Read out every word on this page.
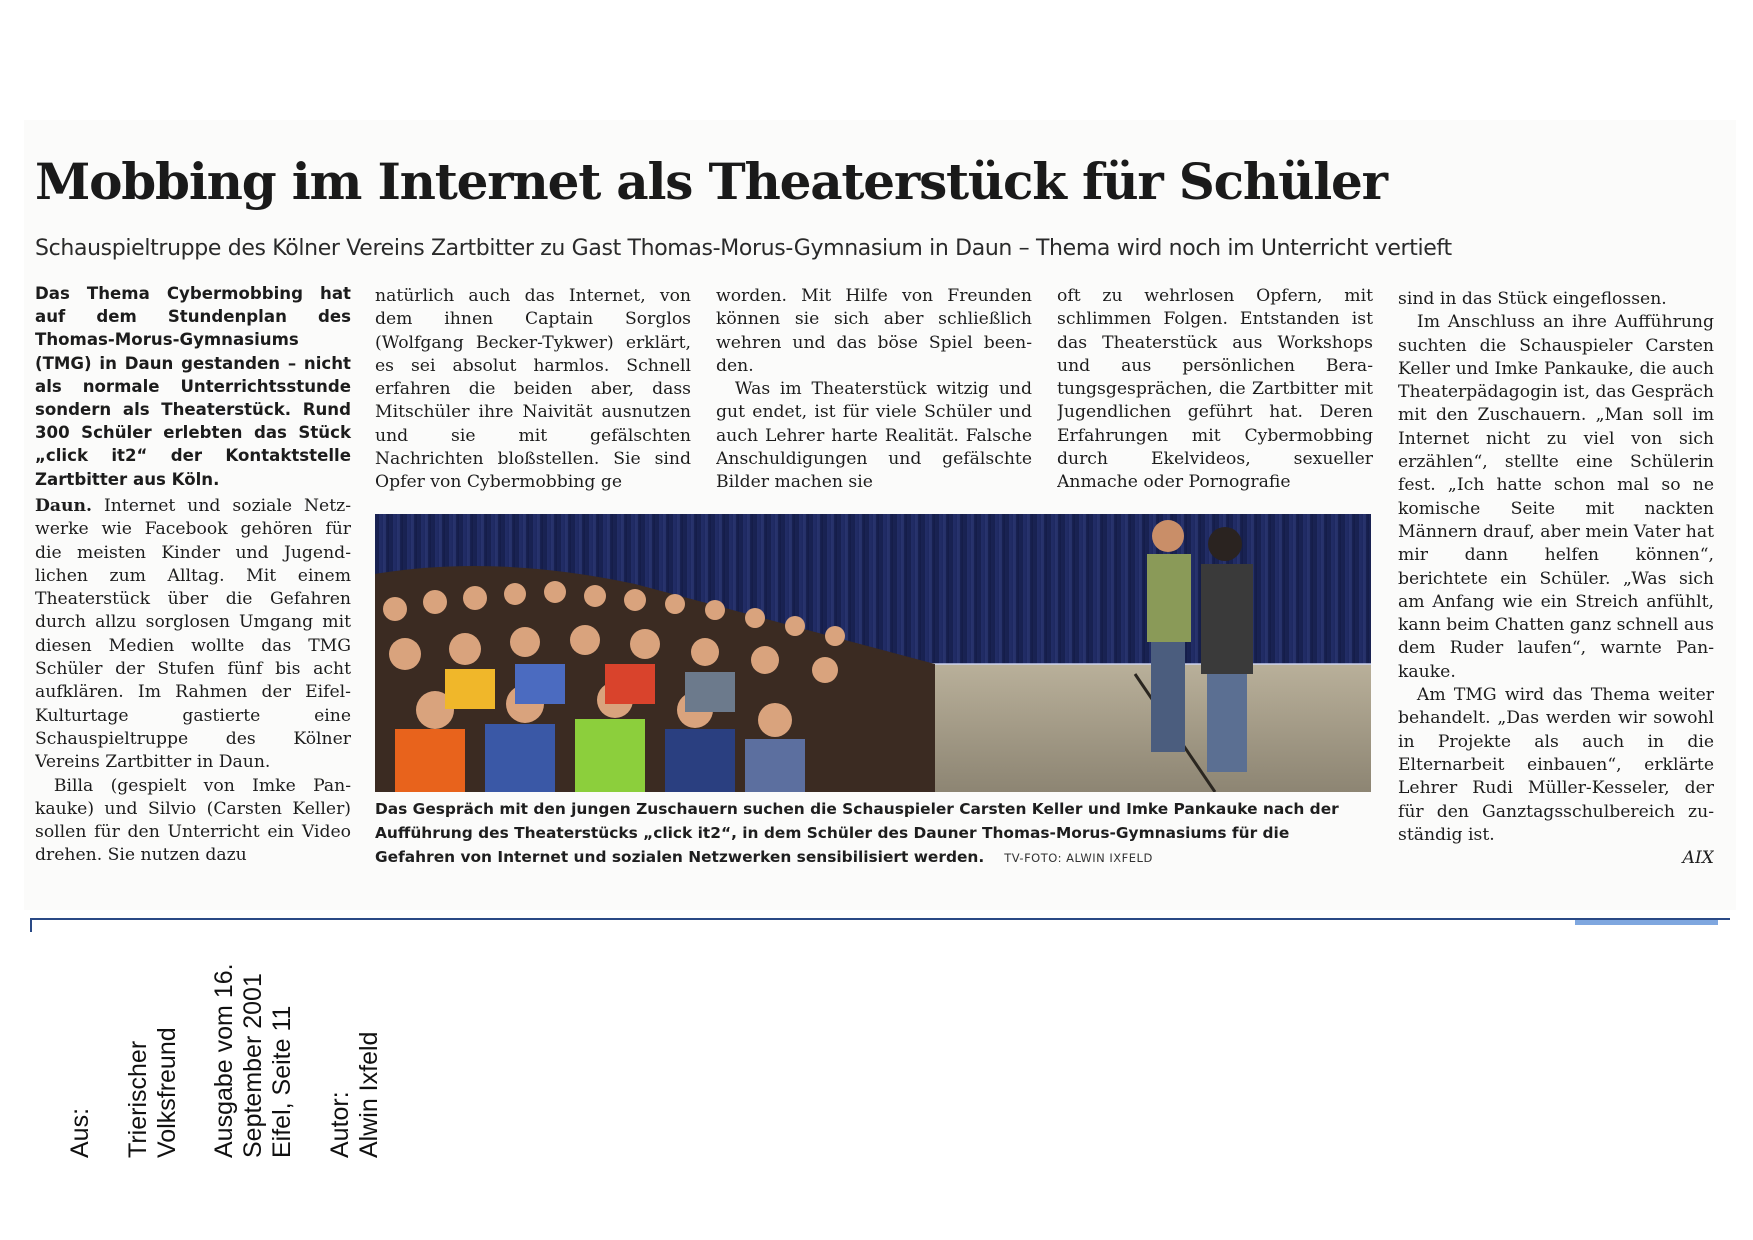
Mobbing im Internet als Theaterstück für Schüler

Schauspieltruppe des Kölner Vereins Zartbitter zu Gast Thomas-Morus-Gymnasium in Daun – Thema wird noch im Unterricht vertieft

Das Thema Cybermobbing hat auf dem Stundenplan des Thomas-Morus-Gymnasiums (TMG) in Daun gestanden – nicht als normale Unterrichtsstunde sondern als Theaterstück. Rund 300 Schüler erlebten das Stück „click it2“ der Kontaktstelle Zartbitter aus Köln.

Daun. Internet und soziale Netzwerke wie Facebook gehören für die meisten Kinder und Jugendlichen zum Alltag. Mit einem Theaterstück über die Gefahren durch allzu sorglosen Umgang mit diesen Medien wollte das TMG Schüler der Stufen fünf bis acht aufklären. Im Rahmen der Eifel-Kulturtage gastierte eine Schauspieltruppe des Kölner Vereins Zartbitter in Daun.

Billa (gespielt von Imke Pankauke) und Silvio (Carsten Keller) sollen für den Unterricht ein Video drehen. Sie nutzen dazu

natürlich auch das Internet, von dem ihnen Captain Sorglos (Wolfgang Becker-Tykwer) erklärt, es sei absolut harmlos. Schnell erfahren die beiden aber, dass Mitschüler ihre Naivität ausnutzen und sie mit gefälschten Nachrichten bloßstellen. Sie sind Opfer von Cybermobbing ge

worden. Mit Hilfe von Freunden können sie sich aber schließlich wehren und das böse Spiel beenden.

Was im Theaterstück witzig und gut endet, ist für viele Schüler und auch Lehrer harte Realität. Falsche Anschuldigungen und gefälschte Bilder machen sie

oft zu wehrlosen Opfern, mit schlimmen Folgen. Entstanden ist das Theaterstück aus Workshops und aus persönlichen Beratungsgesprächen, die Zartbitter mit Jugendlichen geführt hat. Deren Erfahrungen mit Cybermobbing durch Ekelvideos, sexueller Anmache oder Pornografie

sind in das Stück eingeflossen.

Im Anschluss an ihre Aufführung suchten die Schauspieler Carsten Keller und Imke Pankauke, die auch Theaterpädagogin ist, das Gespräch mit den Zuschauern. „Man soll im Internet nicht zu viel von sich erzählen“, stellte eine Schülerin fest. „Ich hatte schon mal so ne komische Seite mit nackten Männern drauf, aber mein Vater hat mir dann helfen können“, berichtete ein Schüler. „Was sich am Anfang wie ein Streich anfühlt, kann beim Chatten ganz schnell aus dem Ruder laufen“, warnte Pankauke.

Am TMG wird das Thema weiter behandelt. „Das werden wir sowohl in Projekte als auch in die Elternarbeit einbauen“, erklärte Lehrer Rudi Müller-Kesseler, der für den Ganztagsschulbereich zuständig ist.

AIX

Das Gespräch mit den jungen Zuschauern suchen die Schauspieler Carsten Keller und Imke Pankauke nach der Aufführung des Theaterstücks „click it2“, in dem Schüler des Dauner Thomas-Morus-Gymnasiums für die Gefahren von Internet und sozialen Netzwerken sensibilisiert werden. TV-FOTO: ALWIN IXFELD

Aus: Trierischer Volksfreund Ausgabe vom 16. September 2001 Eifel, Seite 11 Autor: Alwin Ixfeld
